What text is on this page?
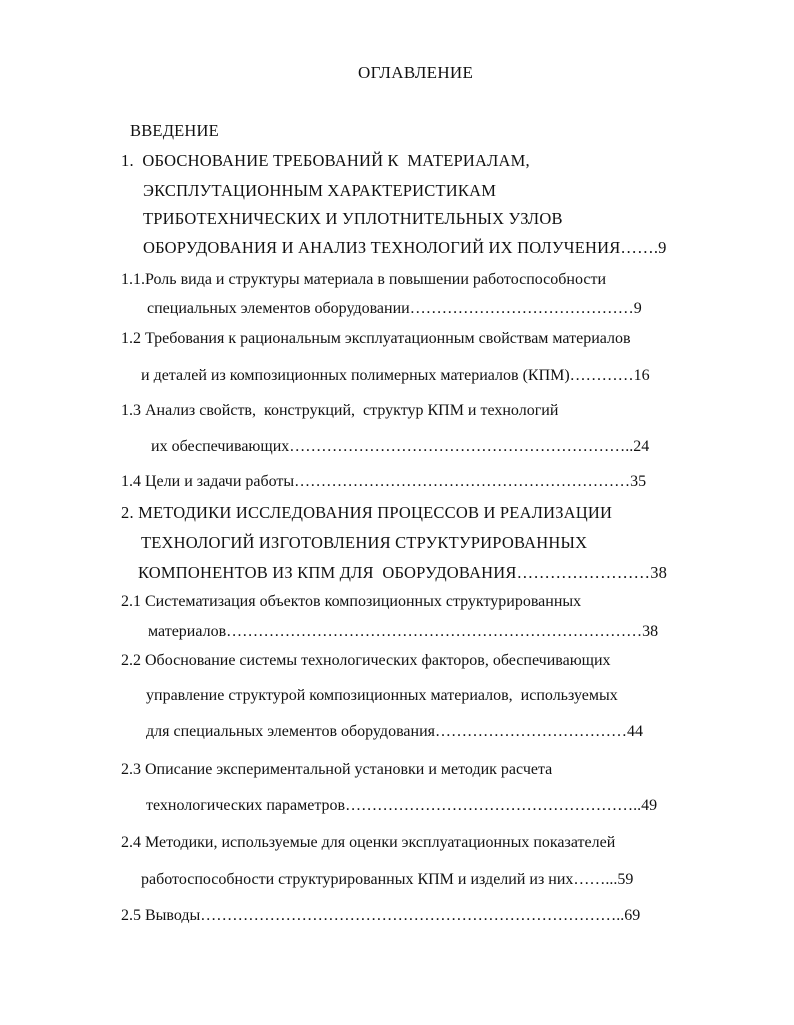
ОГЛАВЛЕНИЕ
ВВЕДЕНИЕ
1.  ОБОСНОВАНИЕ ТРЕБОВАНИЙ К  МАТЕРИАЛАМ,
ЭКСПЛУТАЦИОННЫМ ХАРАКТЕРИСТИКАМ
ТРИБОТЕХНИЧЕСКИХ И УПЛОТНИТЕЛЬНЫХ УЗЛОВ
ОБОРУДОВАНИЯ И АНАЛИЗ ТЕХНОЛОГИЙ ИХ ПОЛУЧЕНИЯ…….9
1.1.Роль вида и структуры материала в повышении работоспособности
специальных элементов оборудовании……………………………………9
1.2 Требования к рациональным эксплуатационным свойствам материалов
и деталей из композиционных полимерных материалов (КПМ)…………16
1.3 Анализ свойств,  конструкций,  структур КПМ и технологий
их обеспечивающих………………………………………………………..24
1.4 Цели и задачи работы………………………………………………………35
2. МЕТОДИКИ ИССЛЕДОВАНИЯ ПРОЦЕССОВ И РЕАЛИЗАЦИИ
ТЕХНОЛОГИЙ ИЗГОТОВЛЕНИЯ СТРУКТУРИРОВАННЫХ
КОМПОНЕНТОВ ИЗ КПМ ДЛЯ  ОБОРУДОВАНИЯ……………………38
2.1 Систематизация объектов композиционных структурированных
материалов……………………………………………………………………38
2.2 Обоснование системы технологических факторов, обеспечивающих
управление структурой композиционных материалов,  используемых
для специальных элементов оборудования………………………………44
2.3 Описание экспериментальной установки и методик расчета
технологических параметров………………………………………………..49
2.4 Методики, используемые для оценки эксплуатационных показателей
работоспособности структурированных КПМ и изделий из них……...59
2.5 Выводы……………………………………………………………………..69
